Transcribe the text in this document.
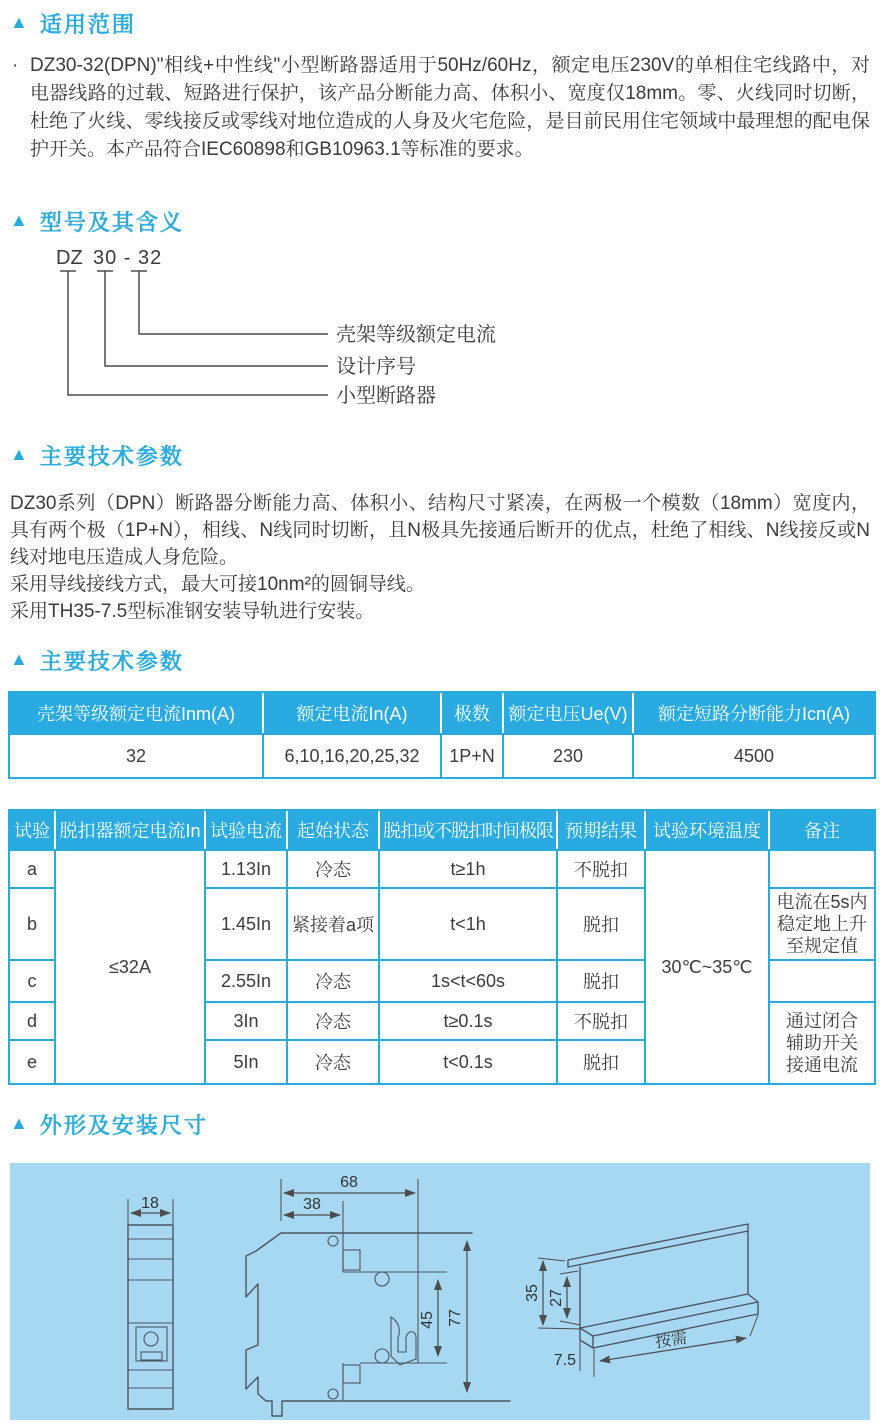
▲ 适用范围
· DZ30-32(DPN)"相线+中性线"小型断路器适用于50Hz/60Hz，额定电压230V的单相住宅线路中，对电器线路的过载、短路进行保护，该产品分断能力高、体积小、宽度仅18mm。零、火线同时切断，杜绝了火线、零线接反或零线对地位造成的人身及火宅危险，是目前民用住宅领域中最理想的配电保护开关。本产品符合IEC60898和GB10963.1等标准的要求。
▲ 型号及其含义
DZ 30 - 32
壳架等级额定电流
设计序号
小型断路器
▲ 主要技术参数
DZ30系列（DPN）断路器分断能力高、体积小、结构尺寸紧凑，在两极一个模数（18mm）宽度内，具有两个极（1P+N），相线、N线同时切断，且N极具先接通后断开的优点，杜绝了相线、N线接反或N线对地电压造成人身危险。
采用导线接线方式，最大可接10nm²的圆铜导线。
采用TH35-7.5型标准钢安装导轨进行安装。
▲ 主要技术参数
壳架等级额定电流Inm(A)	额定电流In(A)	极数	额定电压Ue(V)	额定短路分断能力Icn(A)
32	6,10,16,20,25,32	1P+N	230	4500
试验	脱扣器额定电流In	试验电流	起始状态	脱扣或不脱扣时间极限	预期结果	试验环境温度	备注
a	≤32A	1.13In	冷态	t≥1h	不脱扣	30℃~35℃	
b		1.45In	紧接着a项	t<1h	脱扣		电流在5s内稳定地上升至规定值
c		2.55In	冷态	1s<t<60s	脱扣		
d		3In	冷态	t≥0.1s	不脱扣		通过闭合辅助开关接通电流
e		5In	冷态	t<0.1s	脱扣		
▲ 外形及安装尺寸
18
68
38
45 77
35 27
7.5
按需
